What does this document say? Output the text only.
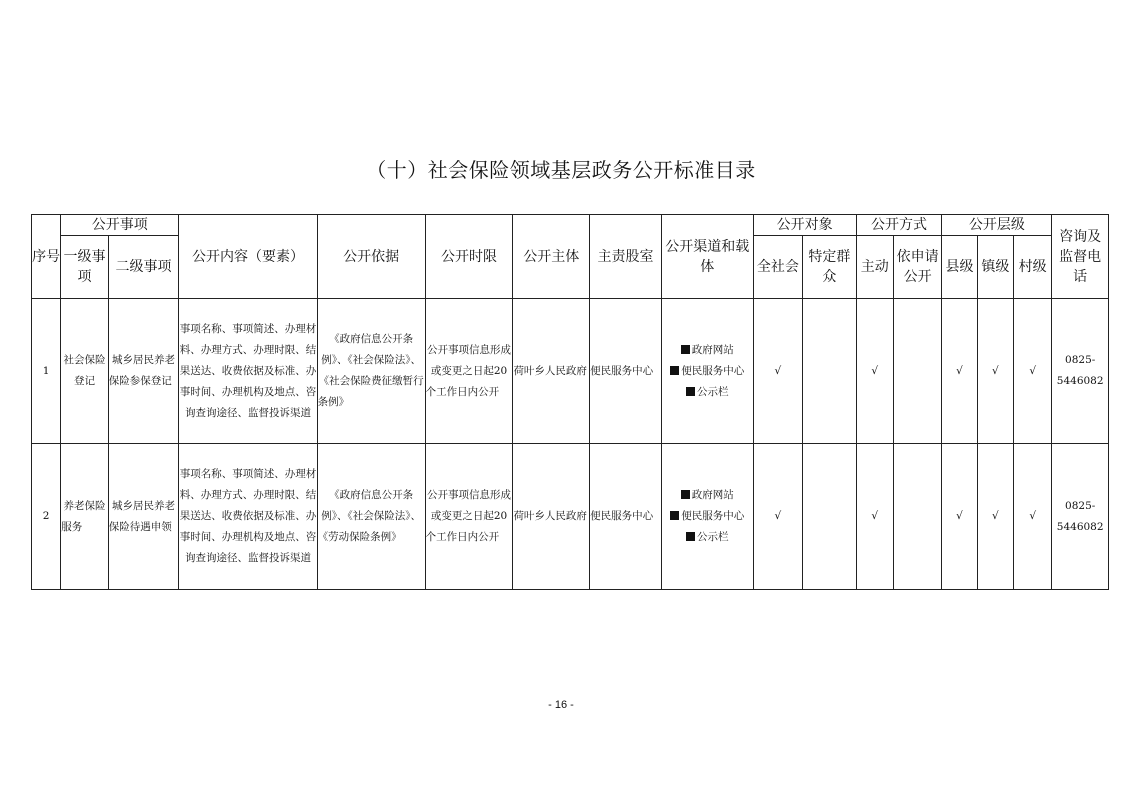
（十）社会保险领域基层政务公开标准目录
序号	公开事项		公开内容（要素）	公开依据	公开时限	公开主体	主责股室	公开渠道和载体	公开对象		公开方式		公开层级			咨询及监督电话
	一级事项	二级事项							全社会	特定群众	主动	依申请公开	县级	镇级	村级	
1	社会保险登记	城乡居民养老保险参保登记	事项名称、事项简述、办理材料、办理方式、办理时限、结果送达、收费依据及标准、办事时间、办理机构及地点、咨询查询途径、监督投诉渠道	《政府信息公开条例》、《社会保险法》、《社会保险费征缴暂行条例》	公开事项信息形成或变更之日起20个工作日内公开	荷叶乡人民政府	便民服务中心	政府网站
便民服务中心
公示栏	√		√		√	√	√	0825-5446082
2	养老保险服务	城乡居民养老保险待遇申领	事项名称、事项简述、办理材料、办理方式、办理时限、结果送达、收费依据及标准、办事时间、办理机构及地点、咨询查询途径、监督投诉渠道	《政府信息公开条例》、《社会保险法》、《劳动保险条例》	公开事项信息形成或变更之日起20个工作日内公开	荷叶乡人民政府	便民服务中心	政府网站
便民服务中心
公示栏	√		√		√	√	√	0825-5446082
- 16 -
